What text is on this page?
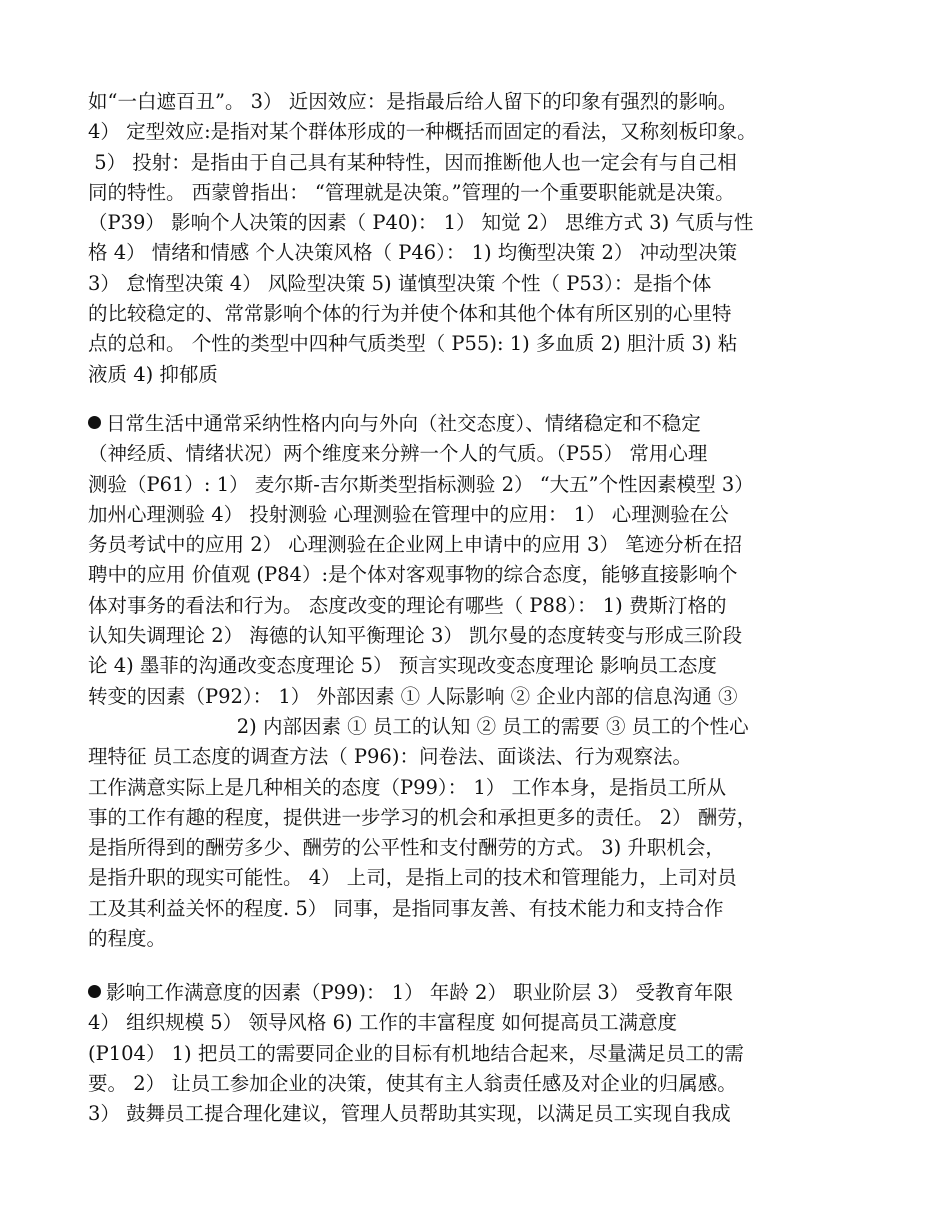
如“一白遮百丑”。 3） 近因效应：是指最后给人留下的印象有强烈的影响。
4） 定型效应:是指对某个群体形成的一种概括而固定的看法，又称刻板印象。
5） 投射：是指由于自己具有某种特性，因而推断他人也一定会有与自己相
同的特性。 西蒙曾指出： “管理就是决策。”管理的一个重要职能就是决策。
（P39） 影响个人决策的因素（ P40)： 1） 知觉 2） 思维方式 3) 气质与性
格 4） 情绪和情感 个人决策风格（ P46）： 1) 均衡型决策 2） 冲动型决策
3） 怠惰型决策 4） 风险型决策 5) 谨慎型决策 个性（ P53）：是指个体
的比较稳定的、常常影响个体的行为并使个体和其他个体有所区别的心里特
点的总和。 个性的类型中四种气质类型（ P55): 1) 多血质 2) 胆汁质 3) 粘
液质 4) 抑郁质
日常生活中通常采纳性格内向与外向（社交态度）、情绪稳定和不稳定
（神经质、情绪状况）两个维度来分辨一个人的气质。（P55） 常用心理
测验（P61）: 1） 麦尔斯-吉尔斯类型指标测验 2） “大五”个性因素模型 3）
加州心理测验 4） 投射测验 心理测验在管理中的应用： 1） 心理测验在公
务员考试中的应用 2） 心理测验在企业网上申请中的应用 3） 笔迹分析在招
聘中的应用 价值观 (P84）:是个体对客观事物的综合态度，能够直接影响个
体对事务的看法和行为。 态度改变的理论有哪些（ P88）： 1) 费斯汀格的
认知失调理论 2） 海德的认知平衡理论 3） 凯尔曼的态度转变与形成三阶段
论 4) 墨菲的沟通改变态度理论 5） 预言实现改变态度理论 影响员工态度
转变的因素（P92）： 1） 外部因素 ① 人际影响 ② 企业内部的信息沟通 ③
2) 内部因素 ① 员工的认知 ② 员工的需要 ③ 员工的个性心
理特征 员工态度的调查方法（ P96)：问卷法、面谈法、行为观察法。
工作满意实际上是几种相关的态度（P99）： 1） 工作本身，是指员工所从
事的工作有趣的程度，提供进一步学习的机会和承担更多的责任。 2） 酬劳，
是指所得到的酬劳多少、酬劳的公平性和支付酬劳的方式。 3) 升职机会，
是指升职的现实可能性。 4） 上司，是指上司的技术和管理能力，上司对员
工及其利益关怀的程度. 5） 同事，是指同事友善、有技术能力和支持合作
的程度。
影响工作满意度的因素（P99)： 1） 年龄 2） 职业阶层 3） 受教育年限
4） 组织规模 5） 领导风格 6) 工作的丰富程度 如何提高员工满意度
(P104） 1) 把员工的需要同企业的目标有机地结合起来，尽量满足员工的需
要。 2） 让员工参加企业的决策，使其有主人翁责任感及对企业的归属感。
3） 鼓舞员工提合理化建议，管理人员帮助其实现，以满足员工实现自我成
